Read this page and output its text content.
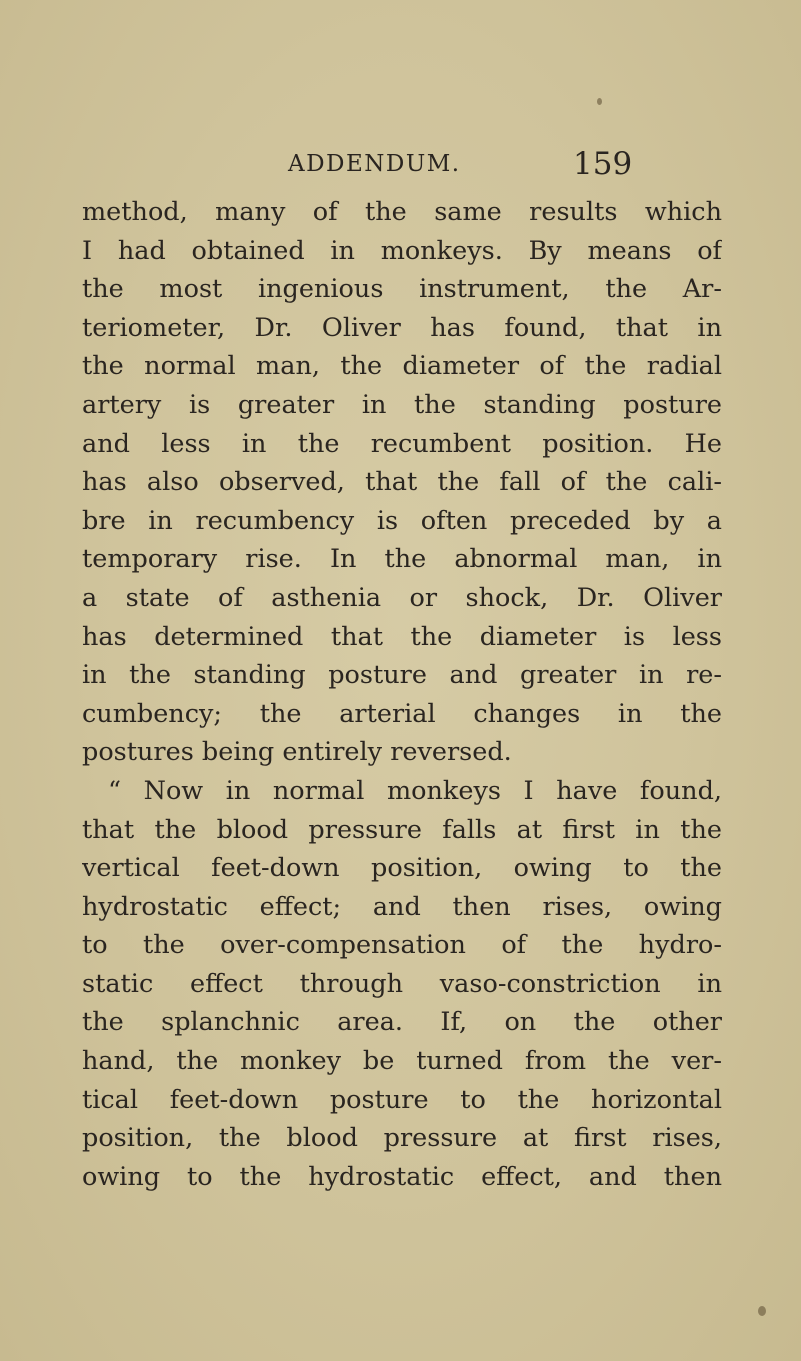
ADDENDUM.	159
method, many of the same results which
I had obtained in monkeys. By means of
the most ingenious instrument, the Ar-
teriometer, Dr. Oliver has found, that in
the normal man, the diameter of the radial
artery is greater in the standing posture
and less in the recumbent position. He
has also observed, that the fall of the cali-
bre in recumbency is often preceded by a
temporary rise. In the abnormal man, in
a state of asthenia or shock, Dr. Oliver
has determined that the diameter is less
in the standing posture and greater in re-
cumbency; the arterial changes in the
postures being entirely reversed.
“ Now in normal monkeys I have found,
that the blood pressure falls at first in the
vertical feet-down position, owing to the
hydrostatic effect; and then rises, owing
to the over-compensation of the hydro-
static effect through vaso-constriction in
the splanchnic area. If, on the other
hand, the monkey be turned from the ver-
tical feet-down posture to the horizontal
position, the blood pressure at first rises,
owing to the hydrostatic effect, and then
